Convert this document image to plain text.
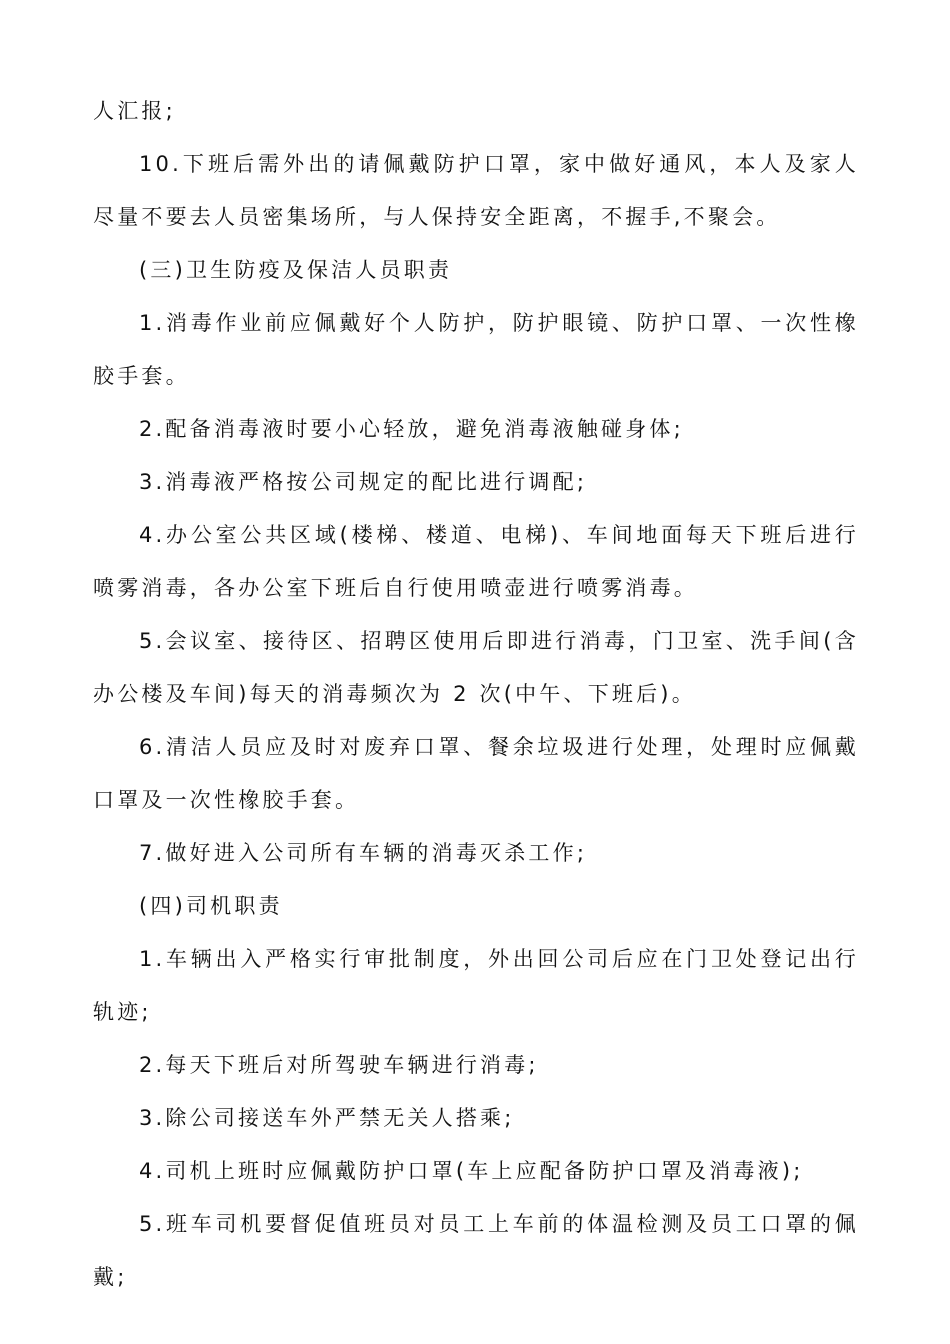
人汇报;

10.下班后需外出的请佩戴防护口罩，家中做好通风，本人及家人尽量不要去人员密集场所，与人保持安全距离，不握手,不聚会。

(三)卫生防疫及保洁人员职责

1.消毒作业前应佩戴好个人防护，防护眼镜、防护口罩、一次性橡胶手套。

2.配备消毒液时要小心轻放，避免消毒液触碰身体;

3.消毒液严格按公司规定的配比进行调配;

4.办公室公共区域(楼梯、楼道、电梯)、车间地面每天下班后进行喷雾消毒，各办公室下班后自行使用喷壶进行喷雾消毒。

5.会议室、接待区、招聘区使用后即进行消毒，门卫室、洗手间(含办公楼及车间)每天的消毒频次为 2 次(中午、下班后)。

6.清洁人员应及时对废弃口罩、餐余垃圾进行处理，处理时应佩戴口罩及一次性橡胶手套。

7.做好进入公司所有车辆的消毒灭杀工作;

(四)司机职责

1.车辆出入严格实行审批制度，外出回公司后应在门卫处登记出行轨迹;

2.每天下班后对所驾驶车辆进行消毒;

3.除公司接送车外严禁无关人搭乘;

4.司机上班时应佩戴防护口罩(车上应配备防护口罩及消毒液);

5.班车司机要督促值班员对员工上车前的体温检测及员工口罩的佩戴;
